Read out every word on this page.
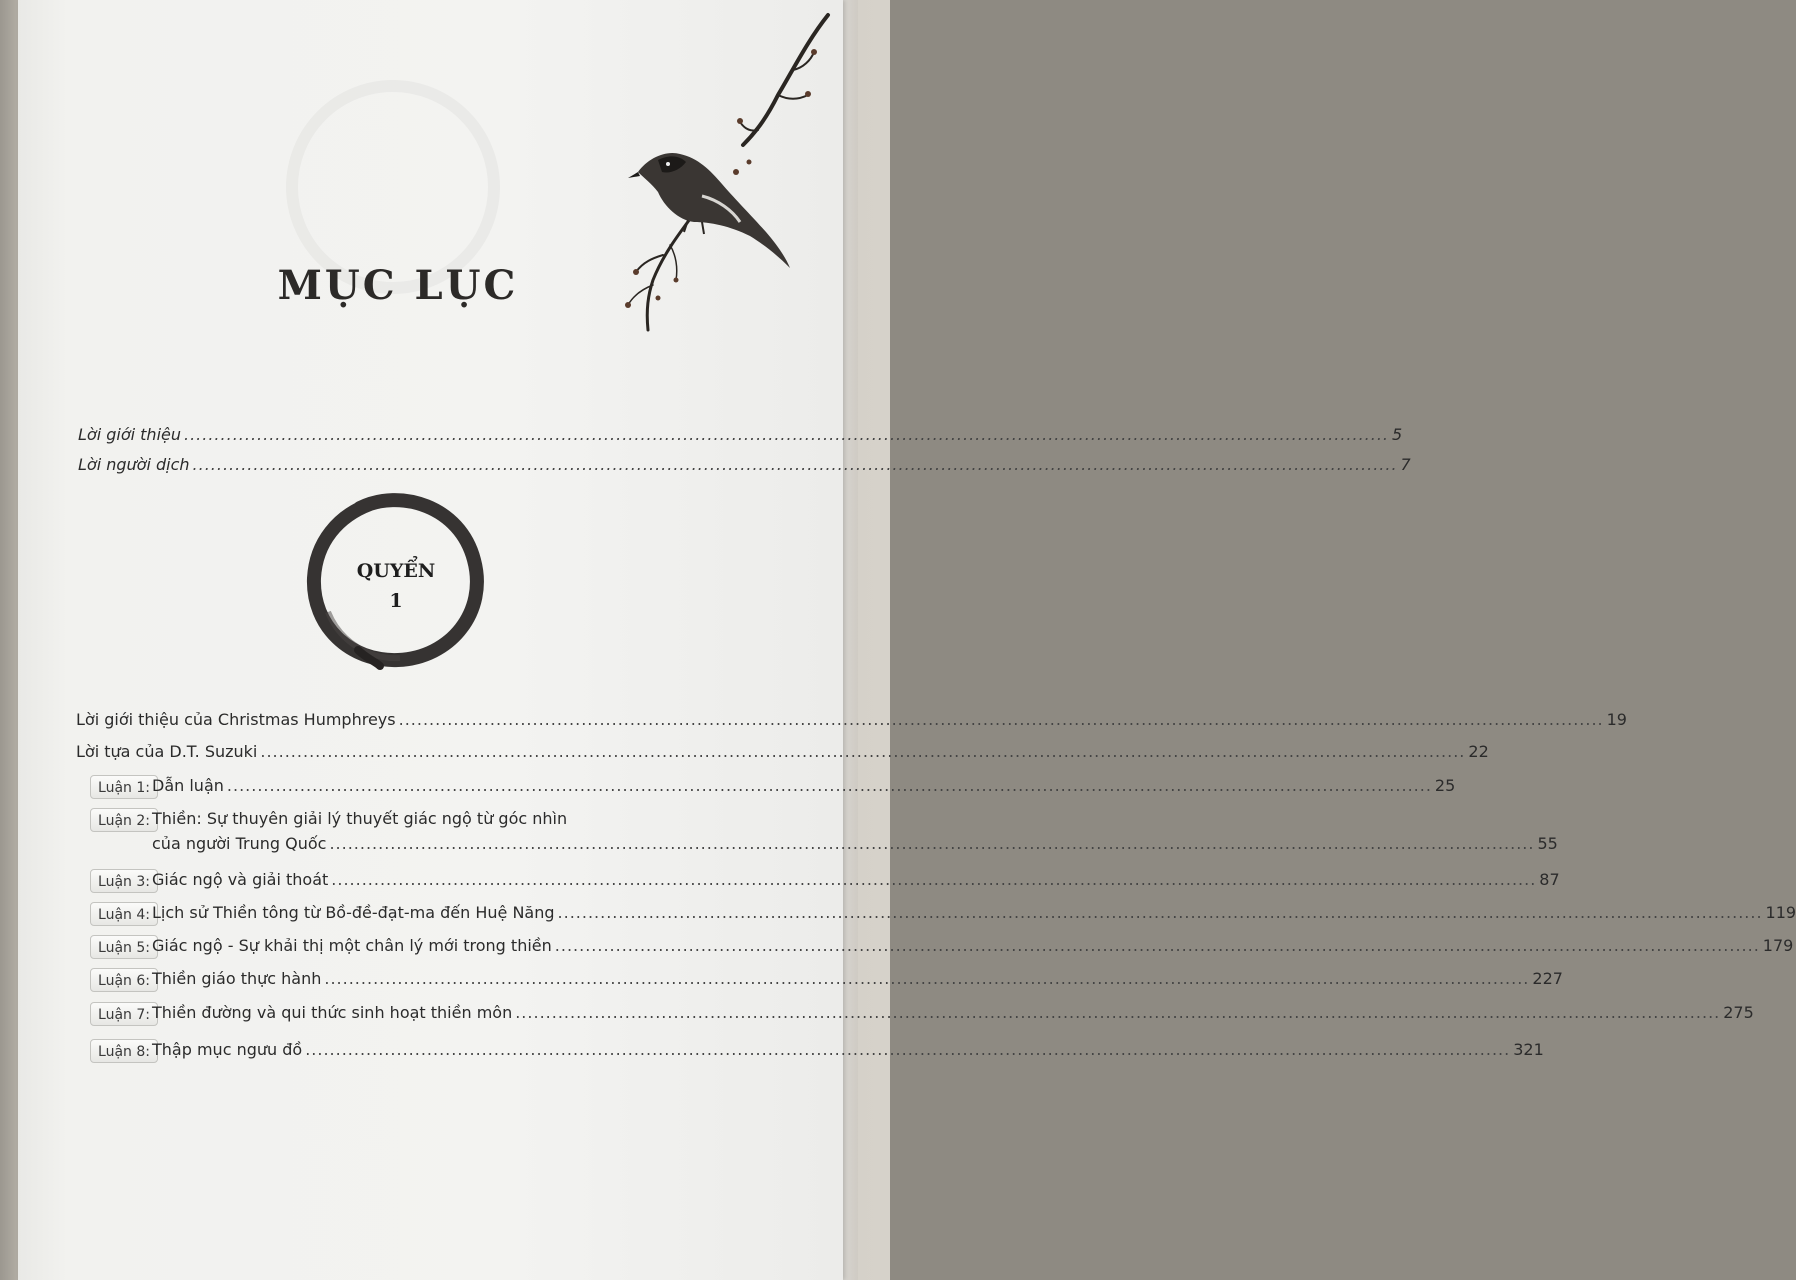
MỤC LỤC
Lời giới thiệu ...................................................................................................................................................................................................... 5
Lời người dịch ...................................................................................................................................................................................................... 7
QUYỂN
1
Lời giới thiệu của Christmas Humphreys ...................................................................................................................................................................................................... 19
Lời tựa của D.T. Suzuki ...................................................................................................................................................................................................... 22
Luận 1: Dẫn luận ...................................................................................................................................................................................................... 25
Luận 2: Thiền: Sự thuyên giải lý thuyết giác ngộ từ góc nhìn
của người Trung Quốc ...................................................................................................................................................................................................... 55
Luận 3: Giác ngộ và giải thoát ...................................................................................................................................................................................................... 87
Luận 4: Lịch sử Thiền tông từ Bồ-đề-đạt-ma đến Huệ Năng ...................................................................................................................................................................................................... 119
Luận 5: Giác ngộ - Sự khải thị một chân lý mới trong thiền ...................................................................................................................................................................................................... 179
Luận 6: Thiền giáo thực hành ...................................................................................................................................................................................................... 227
Luận 7: Thiền đường và qui thức sinh hoạt thiền môn ...................................................................................................................................................................................................... 275
Luận 8: Thập mục ngưu đồ ...................................................................................................................................................................................................... 321
